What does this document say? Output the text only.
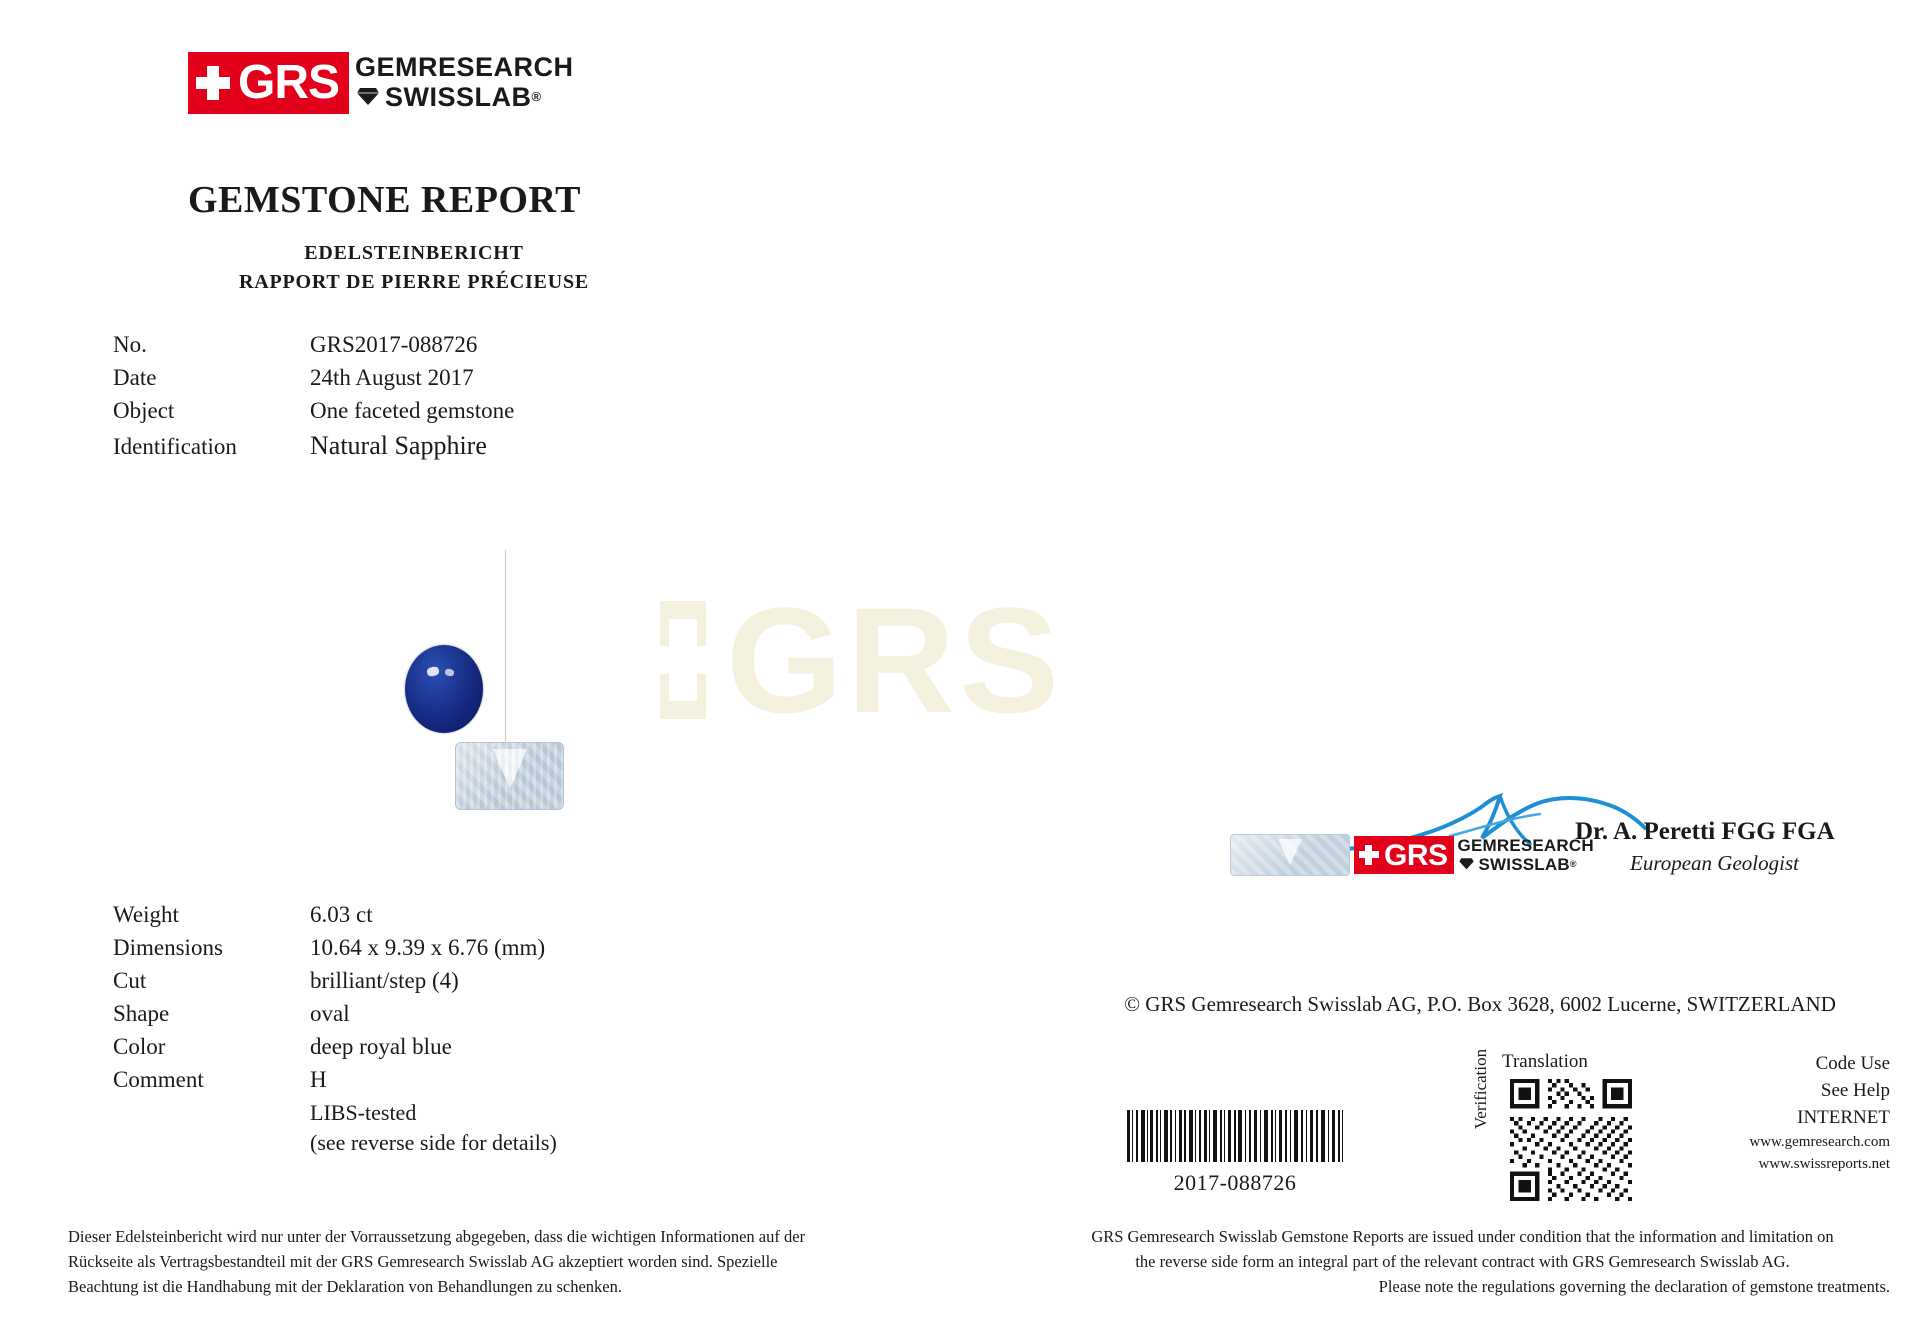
GRS
GRS GEMRESEARCH
SWISSLAB ®
GEMSTONE REPORT
EDELSTEINBERICHT
RAPPORT DE PIERRE PRÉCIEUSE
No.	GRS2017-088726
Date	24th August 2017
Object	One faceted gemstone
Identification	Natural Sapphire
Weight	6.03 ct
Dimensions	10.64 x 9.39 x 6.76 (mm)
Cut	brilliant/step (4)
Shape	oval
Color	deep royal blue
Comment	H
LIBS-tested
(see reverse side for details)
GRS GEMRESEARCH
SWISSLAB ®
Dr. A. Peretti FGG FGA
European Geologist
© GRS Gemresearch Swisslab AG, P.O. Box 3628, 6002 Lucerne, SWITZERLAND
2017-088726
Translation
Verification	Code Use
See Help
INTERNET
www.gemresearch.com
www.swissreports.net
Dieser Edelsteinbericht wird nur unter der Vorraussetzung abgegeben, dass die wichtigen Informationen auf der
Rückseite als Vertragsbestandteil mit der GRS Gemresearch Swisslab AG akzeptiert worden sind. Spezielle
Beachtung ist die Handhabung mit der Deklaration von Behandlungen zu schenken.
GRS Gemresearch Swisslab Gemstone Reports are issued under condition that the information and limitation on
the reverse side form an integral part of the relevant contract with GRS Gemresearch Swisslab AG.
Please note the regulations governing the declaration of gemstone treatments.
